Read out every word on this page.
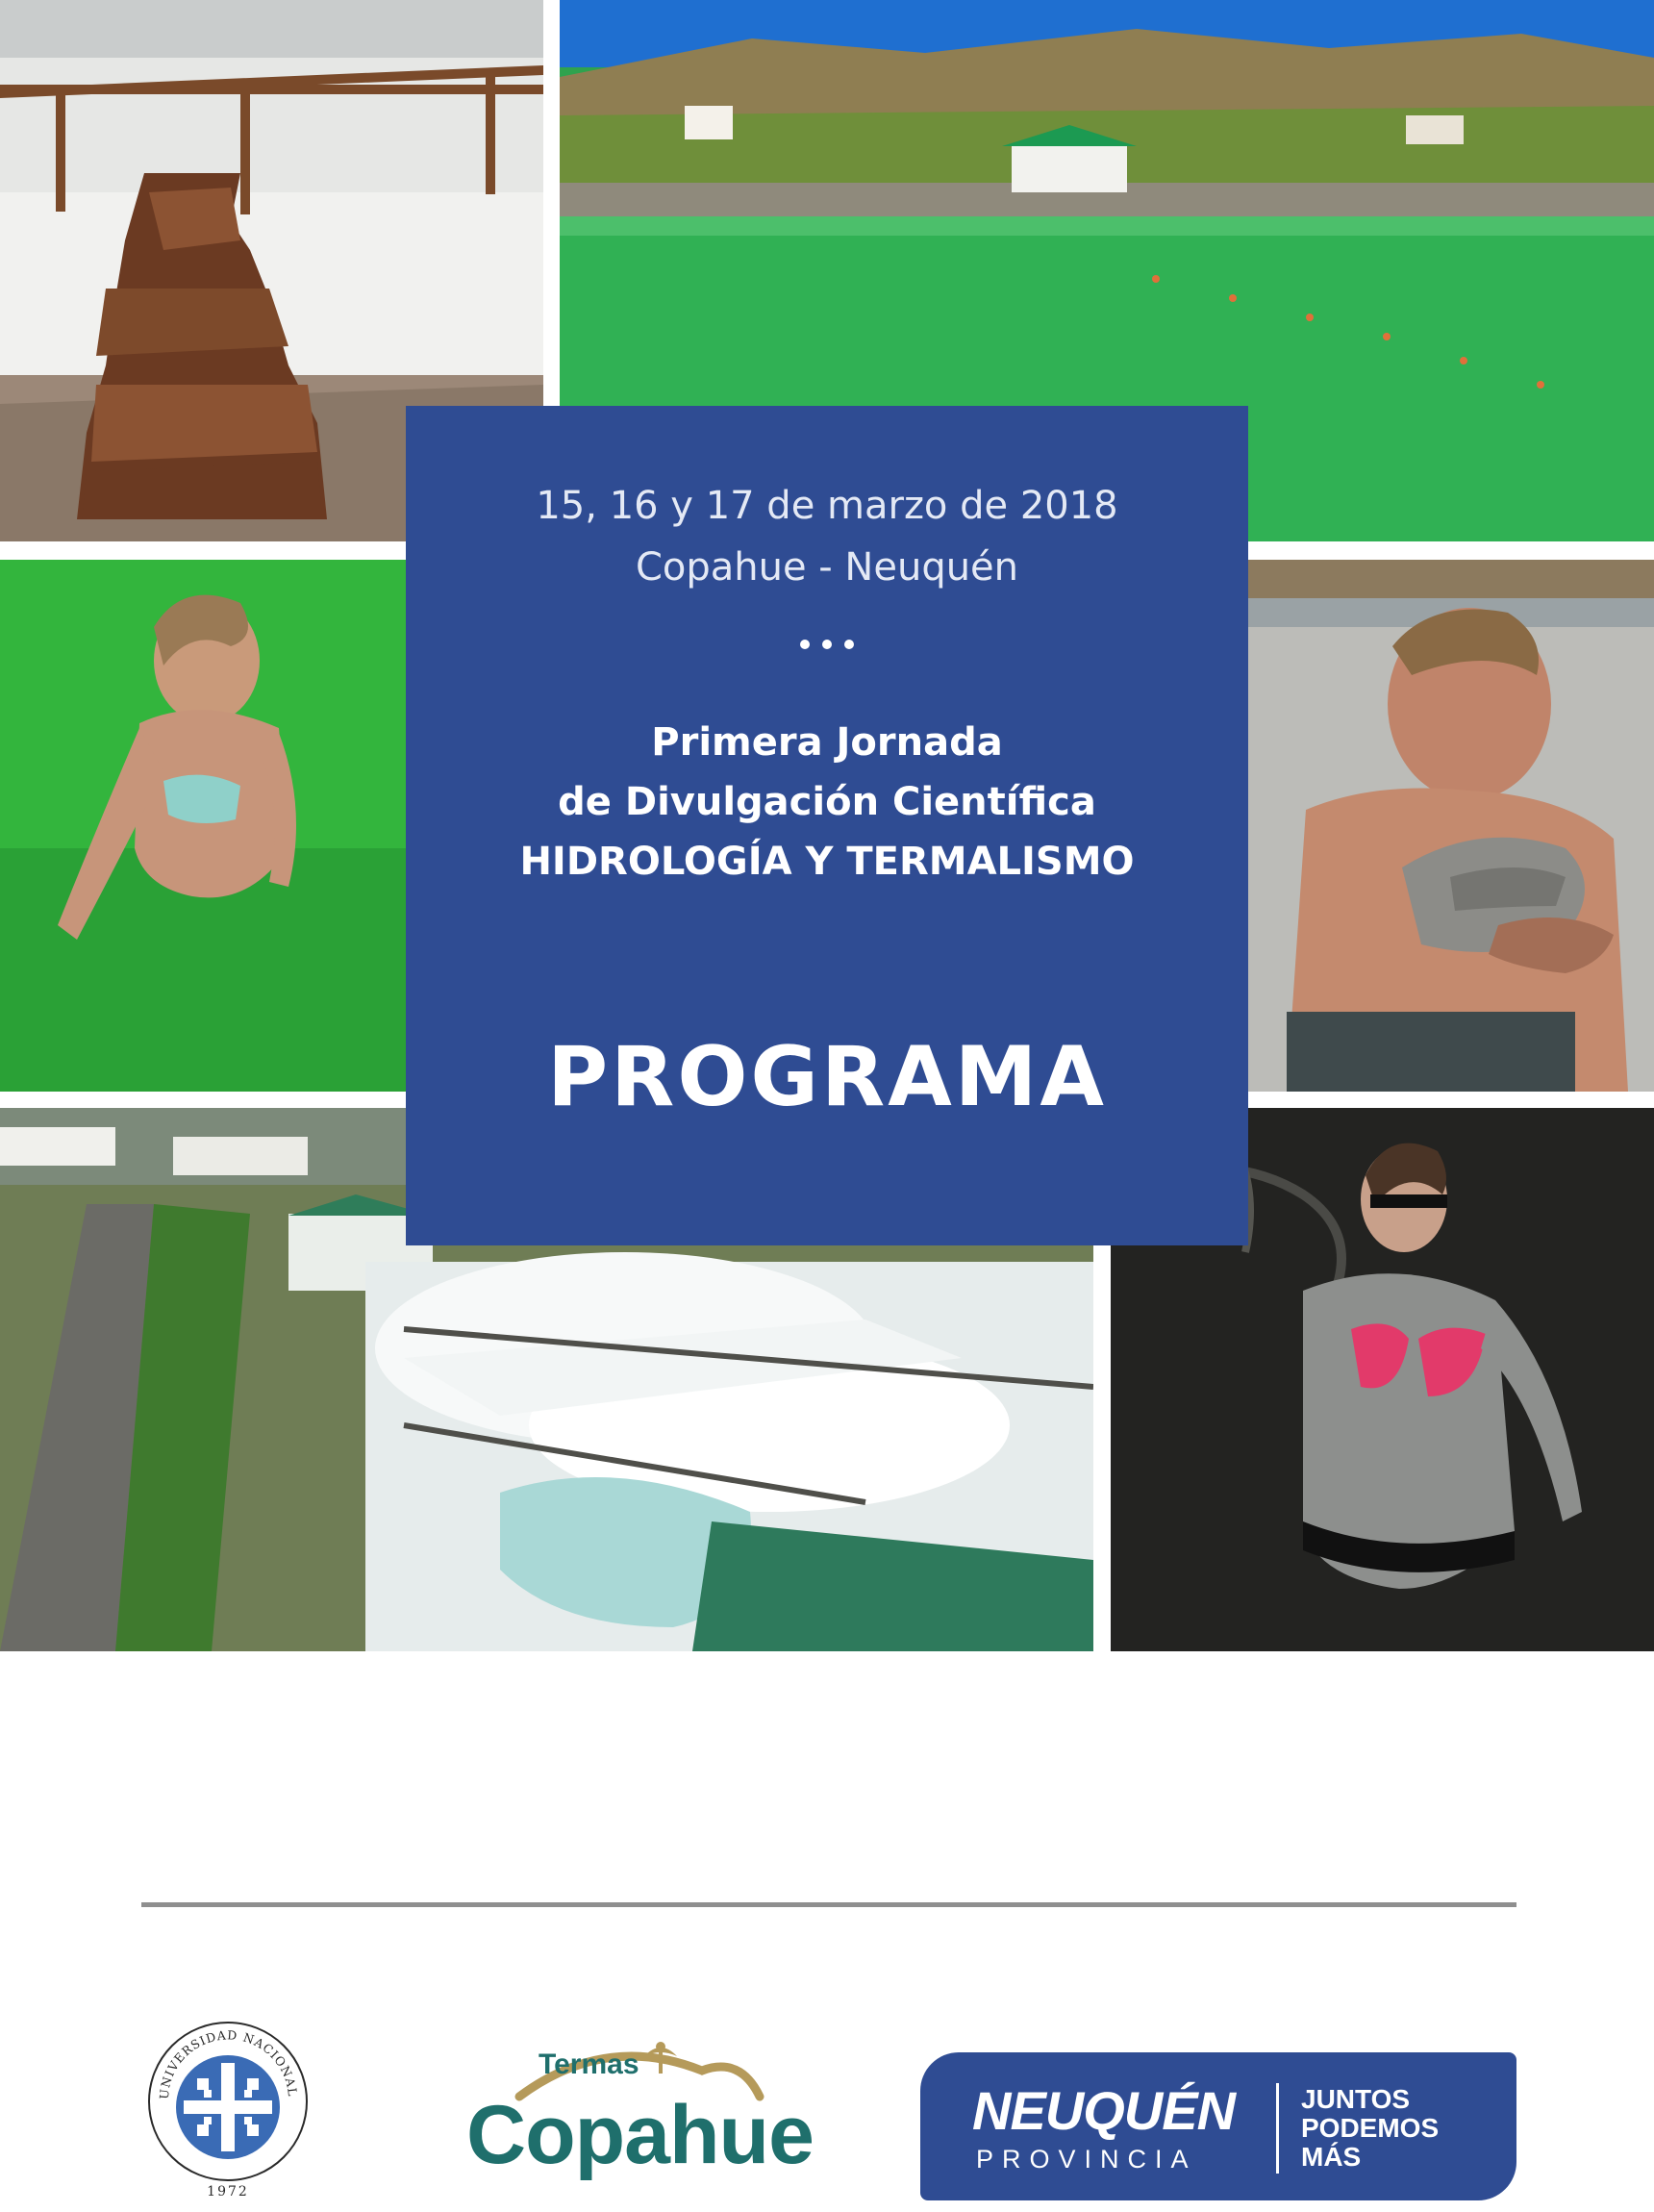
15, 16 y 17 de marzo de 2018
Copahue - Neuquén
Primera Jornada
de Divulgación Científica
HIDROLOGÍA Y TERMALISMO
PROGRAMA
UNIVERSIDAD NACIONAL
1972
Termas
Copahue	NEUQUÉN
PROVINCIA
JUNTOS
PODEMOS
MÁS
